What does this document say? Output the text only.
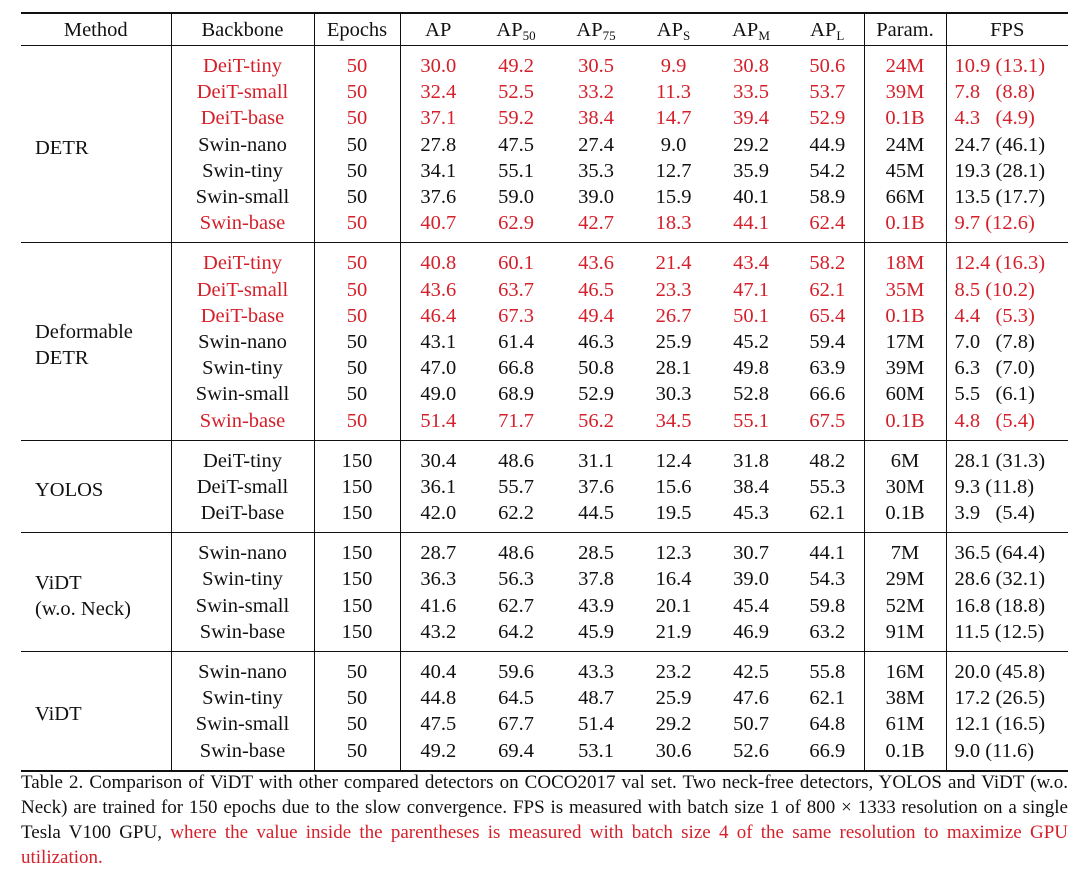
Method	Backbone	Epochs	AP	$AP_{50}$	$AP_{75}$	$AP_S$	$AP_M$	$AP_L$	Param.	FPS
DETR	DeiT-tiny	50	30.0	49.2	30.5	9.9	30.8	50.6	24M	10.9 (13.1)
	DeiT-small	50	32.4	52.5	33.2	11.3	33.5	53.7	39M	7.8   (8.8)
	DeiT-base	50	37.1	59.2	38.4	14.7	39.4	52.9	0.1B	4.3   (4.9)
	Swin-nano	50	27.8	47.5	27.4	9.0	29.2	44.9	24M	24.7 (46.1)
	Swin-tiny	50	34.1	55.1	35.3	12.7	35.9	54.2	45M	19.3 (28.1)
	Swin-small	50	37.6	59.0	39.0	15.9	40.1	58.9	66M	13.5 (17.7)
	Swin-base	50	40.7	62.9	42.7	18.3	44.1	62.4	0.1B	9.7 (12.6)
Deformable
DETR	DeiT-tiny	50	40.8	60.1	43.6	21.4	43.4	58.2	18M	12.4 (16.3)
	DeiT-small	50	43.6	63.7	46.5	23.3	47.1	62.1	35M	8.5 (10.2)
	DeiT-base	50	46.4	67.3	49.4	26.7	50.1	65.4	0.1B	4.4   (5.3)
	Swin-nano	50	43.1	61.4	46.3	25.9	45.2	59.4	17M	7.0   (7.8)
	Swin-tiny	50	47.0	66.8	50.8	28.1	49.8	63.9	39M	6.3   (7.0)
	Swin-small	50	49.0	68.9	52.9	30.3	52.8	66.6	60M	5.5   (6.1)
	Swin-base	50	51.4	71.7	56.2	34.5	55.1	67.5	0.1B	4.8   (5.4)
YOLOS	DeiT-tiny	150	30.4	48.6	31.1	12.4	31.8	48.2	6M	28.1 (31.3)
	DeiT-small	150	36.1	55.7	37.6	15.6	38.4	55.3	30M	9.3 (11.8)
	DeiT-base	150	42.0	62.2	44.5	19.5	45.3	62.1	0.1B	3.9   (5.4)
ViDT
(w.o. Neck)	Swin-nano	150	28.7	48.6	28.5	12.3	30.7	44.1	7M	36.5 (64.4)
	Swin-tiny	150	36.3	56.3	37.8	16.4	39.0	54.3	29M	28.6 (32.1)
	Swin-small	150	41.6	62.7	43.9	20.1	45.4	59.8	52M	16.8 (18.8)
	Swin-base	150	43.2	64.2	45.9	21.9	46.9	63.2	91M	11.5 (12.5)
ViDT	Swin-nano	50	40.4	59.6	43.3	23.2	42.5	55.8	16M	20.0 (45.8)
	Swin-tiny	50	44.8	64.5	48.7	25.9	47.6	62.1	38M	17.2 (26.5)
	Swin-small	50	47.5	67.7	51.4	29.2	50.7	64.8	61M	12.1 (16.5)
	Swin-base	50	49.2	69.4	53.1	30.6	52.6	66.9	0.1B	9.0 (11.6)
Table 2. Comparison of ViDT with other compared detectors on COCO2017 val set. Two neck-free detectors, YOLOS and ViDT (w.o. Neck) are trained for 150 epochs due to the slow convergence. FPS is measured with batch size 1 of 800 × 1333 resolution on a single Tesla V100 GPU, where the value inside the parentheses is measured with batch size 4 of the same resolution to maximize GPU utilization.
